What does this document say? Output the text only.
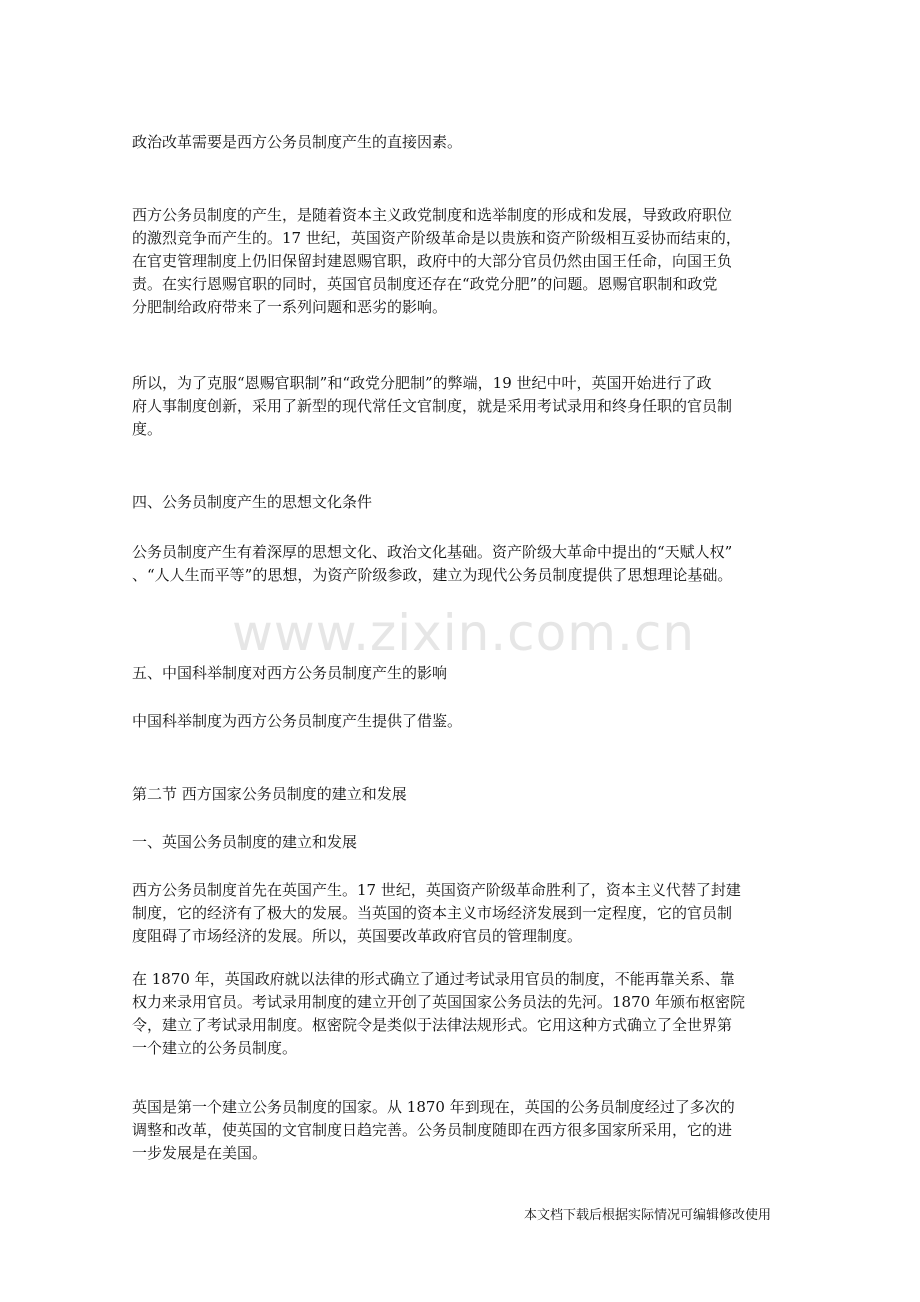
政治改革需要是西方公务员制度产生的直接因素。

西方公务员制度的产生，是随着资本主义政党制度和选举制度的形成和发展，导致政府职位
的激烈竞争而产生的。17 世纪，英国资产阶级革命是以贵族和资产阶级相互妥协而结束的，
在官吏管理制度上仍旧保留封建恩赐官职，政府中的大部分官员仍然由国王任命，向国王负
责。在实行恩赐官职的同时，英国官员制度还存在“政党分肥”的问题。恩赐官职制和政党
分肥制给政府带来了一系列问题和恶劣的影响。

所以，为了克服“恩赐官职制”和“政党分肥制”的弊端，19 世纪中叶，英国开始进行了政
府人事制度创新，采用了新型的现代常任文官制度，就是采用考试录用和终身任职的官员制
度。

四、公务员制度产生的思想文化条件

公务员制度产生有着深厚的思想文化、政治文化基础。资产阶级大革命中提出的“天赋人权”
、“人人生而平等”的思想，为资产阶级参政，建立为现代公务员制度提供了思想理论基础。

五、中国科举制度对西方公务员制度产生的影响

中国科举制度为西方公务员制度产生提供了借鉴。

第二节 西方国家公务员制度的建立和发展

一、英国公务员制度的建立和发展

西方公务员制度首先在英国产生。17 世纪，英国资产阶级革命胜利了，资本主义代替了封建
制度，它的经济有了极大的发展。当英国的资本主义市场经济发展到一定程度，它的官员制
度阻碍了市场经济的发展。所以，英国要改革政府官员的管理制度。

在 1870 年，英国政府就以法律的形式确立了通过考试录用官员的制度，不能再靠关系、靠
权力来录用官员。考试录用制度的建立开创了英国国家公务员法的先河。1870 年颁布枢密院
令，建立了考试录用制度。枢密院令是类似于法律法规形式。它用这种方式确立了全世界第
一个建立的公务员制度。

英国是第一个建立公务员制度的国家。从 1870 年到现在，英国的公务员制度经过了多次的
调整和改革，使英国的文官制度日趋完善。公务员制度随即在西方很多国家所采用，它的进
一步发展是在美国。

www.zixin.com.cn
本文档下载后根据实际情况可编辑修改使用
